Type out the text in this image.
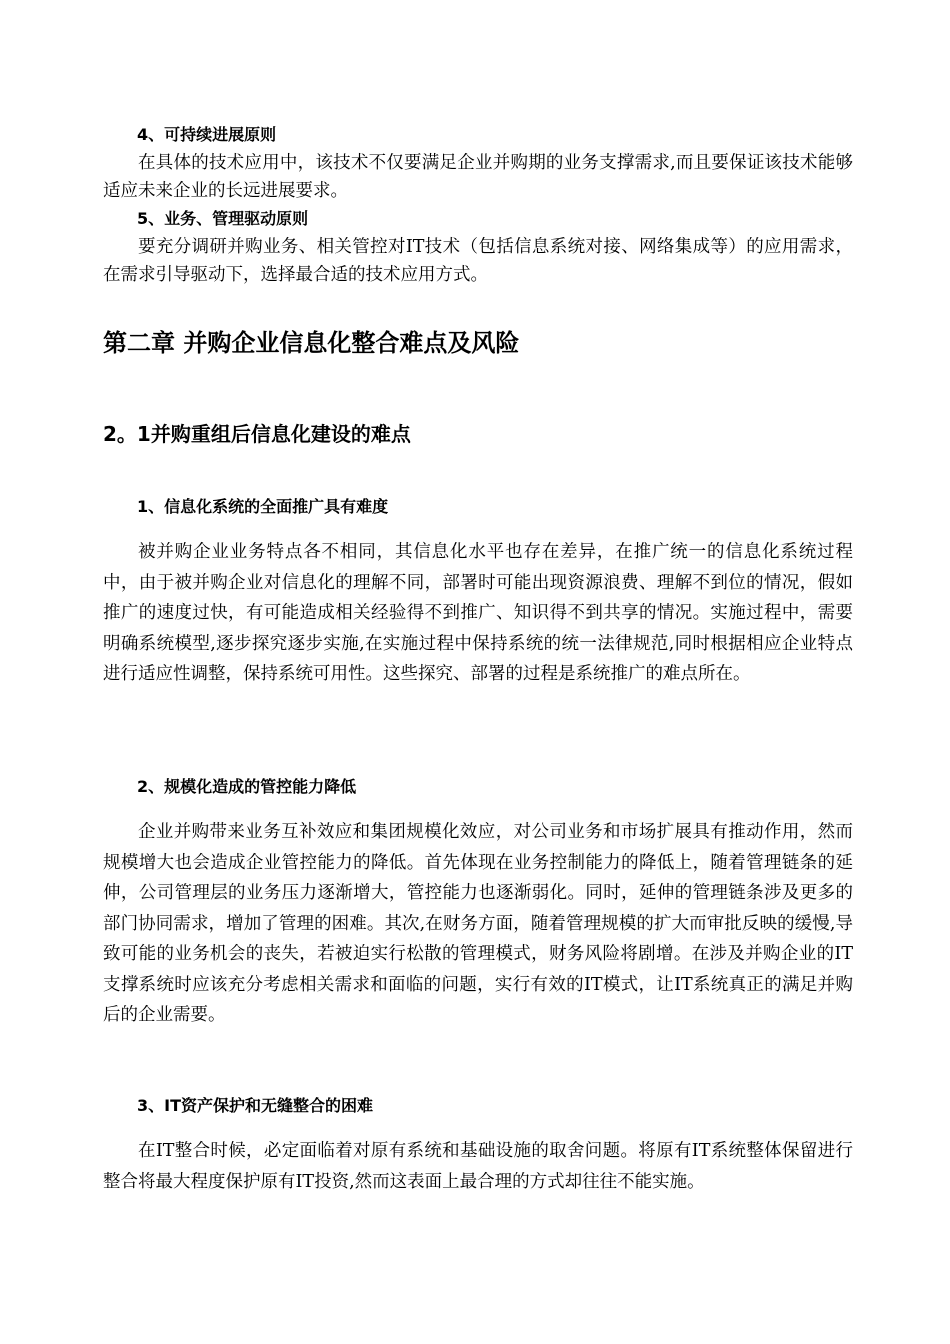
4、可持续进展原则

在具体的技术应用中，该技术不仅要满足企业并购期的业务支撑需求,而且要保证该技术能够适应未来企业的长远进展要求。

5、业务、管理驱动原则

要充分调研并购业务、相关管控对IT技术（包括信息系统对接、网络集成等）的应用需求，在需求引导驱动下，选择最合适的技术应用方式。

第二章 并购企业信息化整合难点及风险
2。1并购重组后信息化建设的难点

1、信息化系统的全面推广具有难度

被并购企业业务特点各不相同，其信息化水平也存在差异，在推广统一的信息化系统过程中，由于被并购企业对信息化的理解不同，部署时可能出现资源浪费、理解不到位的情况，假如推广的速度过快，有可能造成相关经验得不到推广、知识得不到共享的情况。实施过程中，需要明确系统模型,逐步探究逐步实施,在实施过程中保持系统的统一法律规范,同时根据相应企业特点进行适应性调整，保持系统可用性。这些探究、部署的过程是系统推广的难点所在。

2、规模化造成的管控能力降低

企业并购带来业务互补效应和集团规模化效应，对公司业务和市场扩展具有推动作用，然而规模增大也会造成企业管控能力的降低。首先体现在业务控制能力的降低上，随着管理链条的延伸，公司管理层的业务压力逐渐增大，管控能力也逐渐弱化。同时，延伸的管理链条涉及更多的部门协同需求，增加了管理的困难。其次,在财务方面，随着管理规模的扩大而审批反映的缓慢,导致可能的业务机会的丧失，若被迫实行松散的管理模式，财务风险将剧增。在涉及并购企业的IT支撑系统时应该充分考虑相关需求和面临的问题，实行有效的IT模式，让IT系统真正的满足并购后的企业需要。

3、IT资产保护和无缝整合的困难

在IT整合时候，必定面临着对原有系统和基础设施的取舍问题。将原有IT系统整体保留进行整合将最大程度保护原有IT投资,然而这表面上最合理的方式却往往不能实施。
